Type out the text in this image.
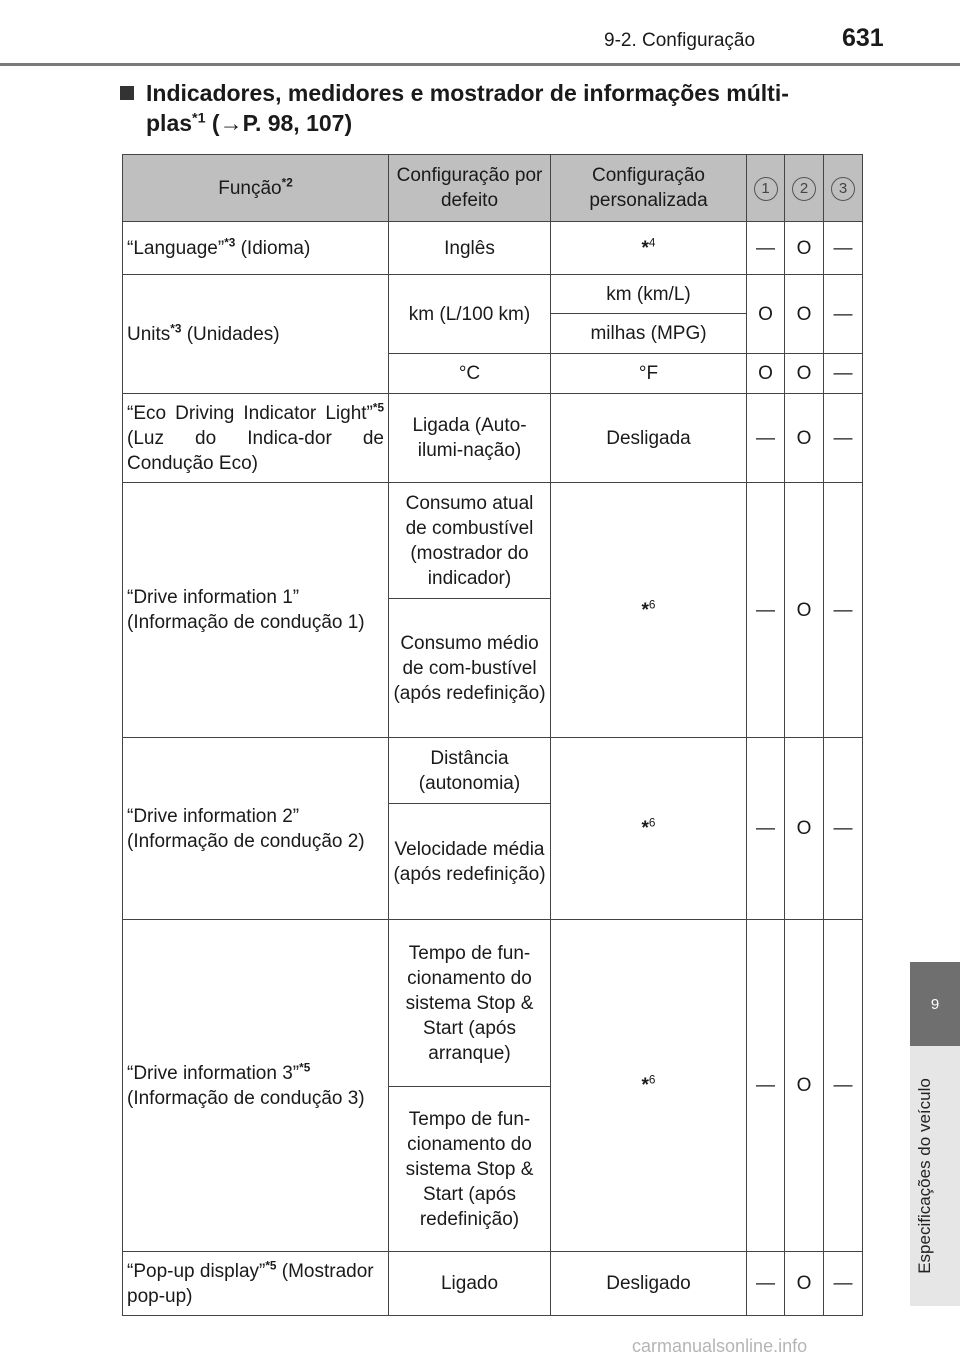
9-2. Configuração	631
Indicadores, medidores e mostrador de informações múlti-
plas$^{*1}$ (→P. 98, 107)
Função$^{*2}$	Configuração por defeito	Configuração personalizada	1	2	3
“Language”$^{*3}$ (Idioma)	Inglês	*$^4$	—	O	—
Units$^{*3}$ (Unidades)	km (L/100 km)	km (km/L)	O	O	—
		milhas (MPG)			
	°C	°F	O	O	—
“Eco Driving Indicator Light”$^{*5}$ (Luz do Indica-dor de Condução Eco)	Ligada (Auto-ilumi-nação)	Desligada	—	O	—
“Drive information 1” (Informação de condução 1)	Consumo atual de combustível (mostrador do indicador)	*$^6$	—	O	—
	Consumo médio de com-bustível (após redefinição)				
“Drive information 2” (Informação de condução 2)	Distância (autonomia)	*$^6$	—	O	—
	Velocidade média (após redefinição)				
“Drive information 3”$^{*5}$ (Informação de condução 3)	Tempo de fun-cionamento do sistema Stop & Start (após arranque)	*$^6$	—	O	—
	Tempo de fun-cionamento do sistema Stop & Start (após redefinição)				
“Pop-up display”$^{*5}$ (Mostrador pop-up)	Ligado	Desligado	—	O	—
9
Especificações do veículo
carmanualsonline.info
